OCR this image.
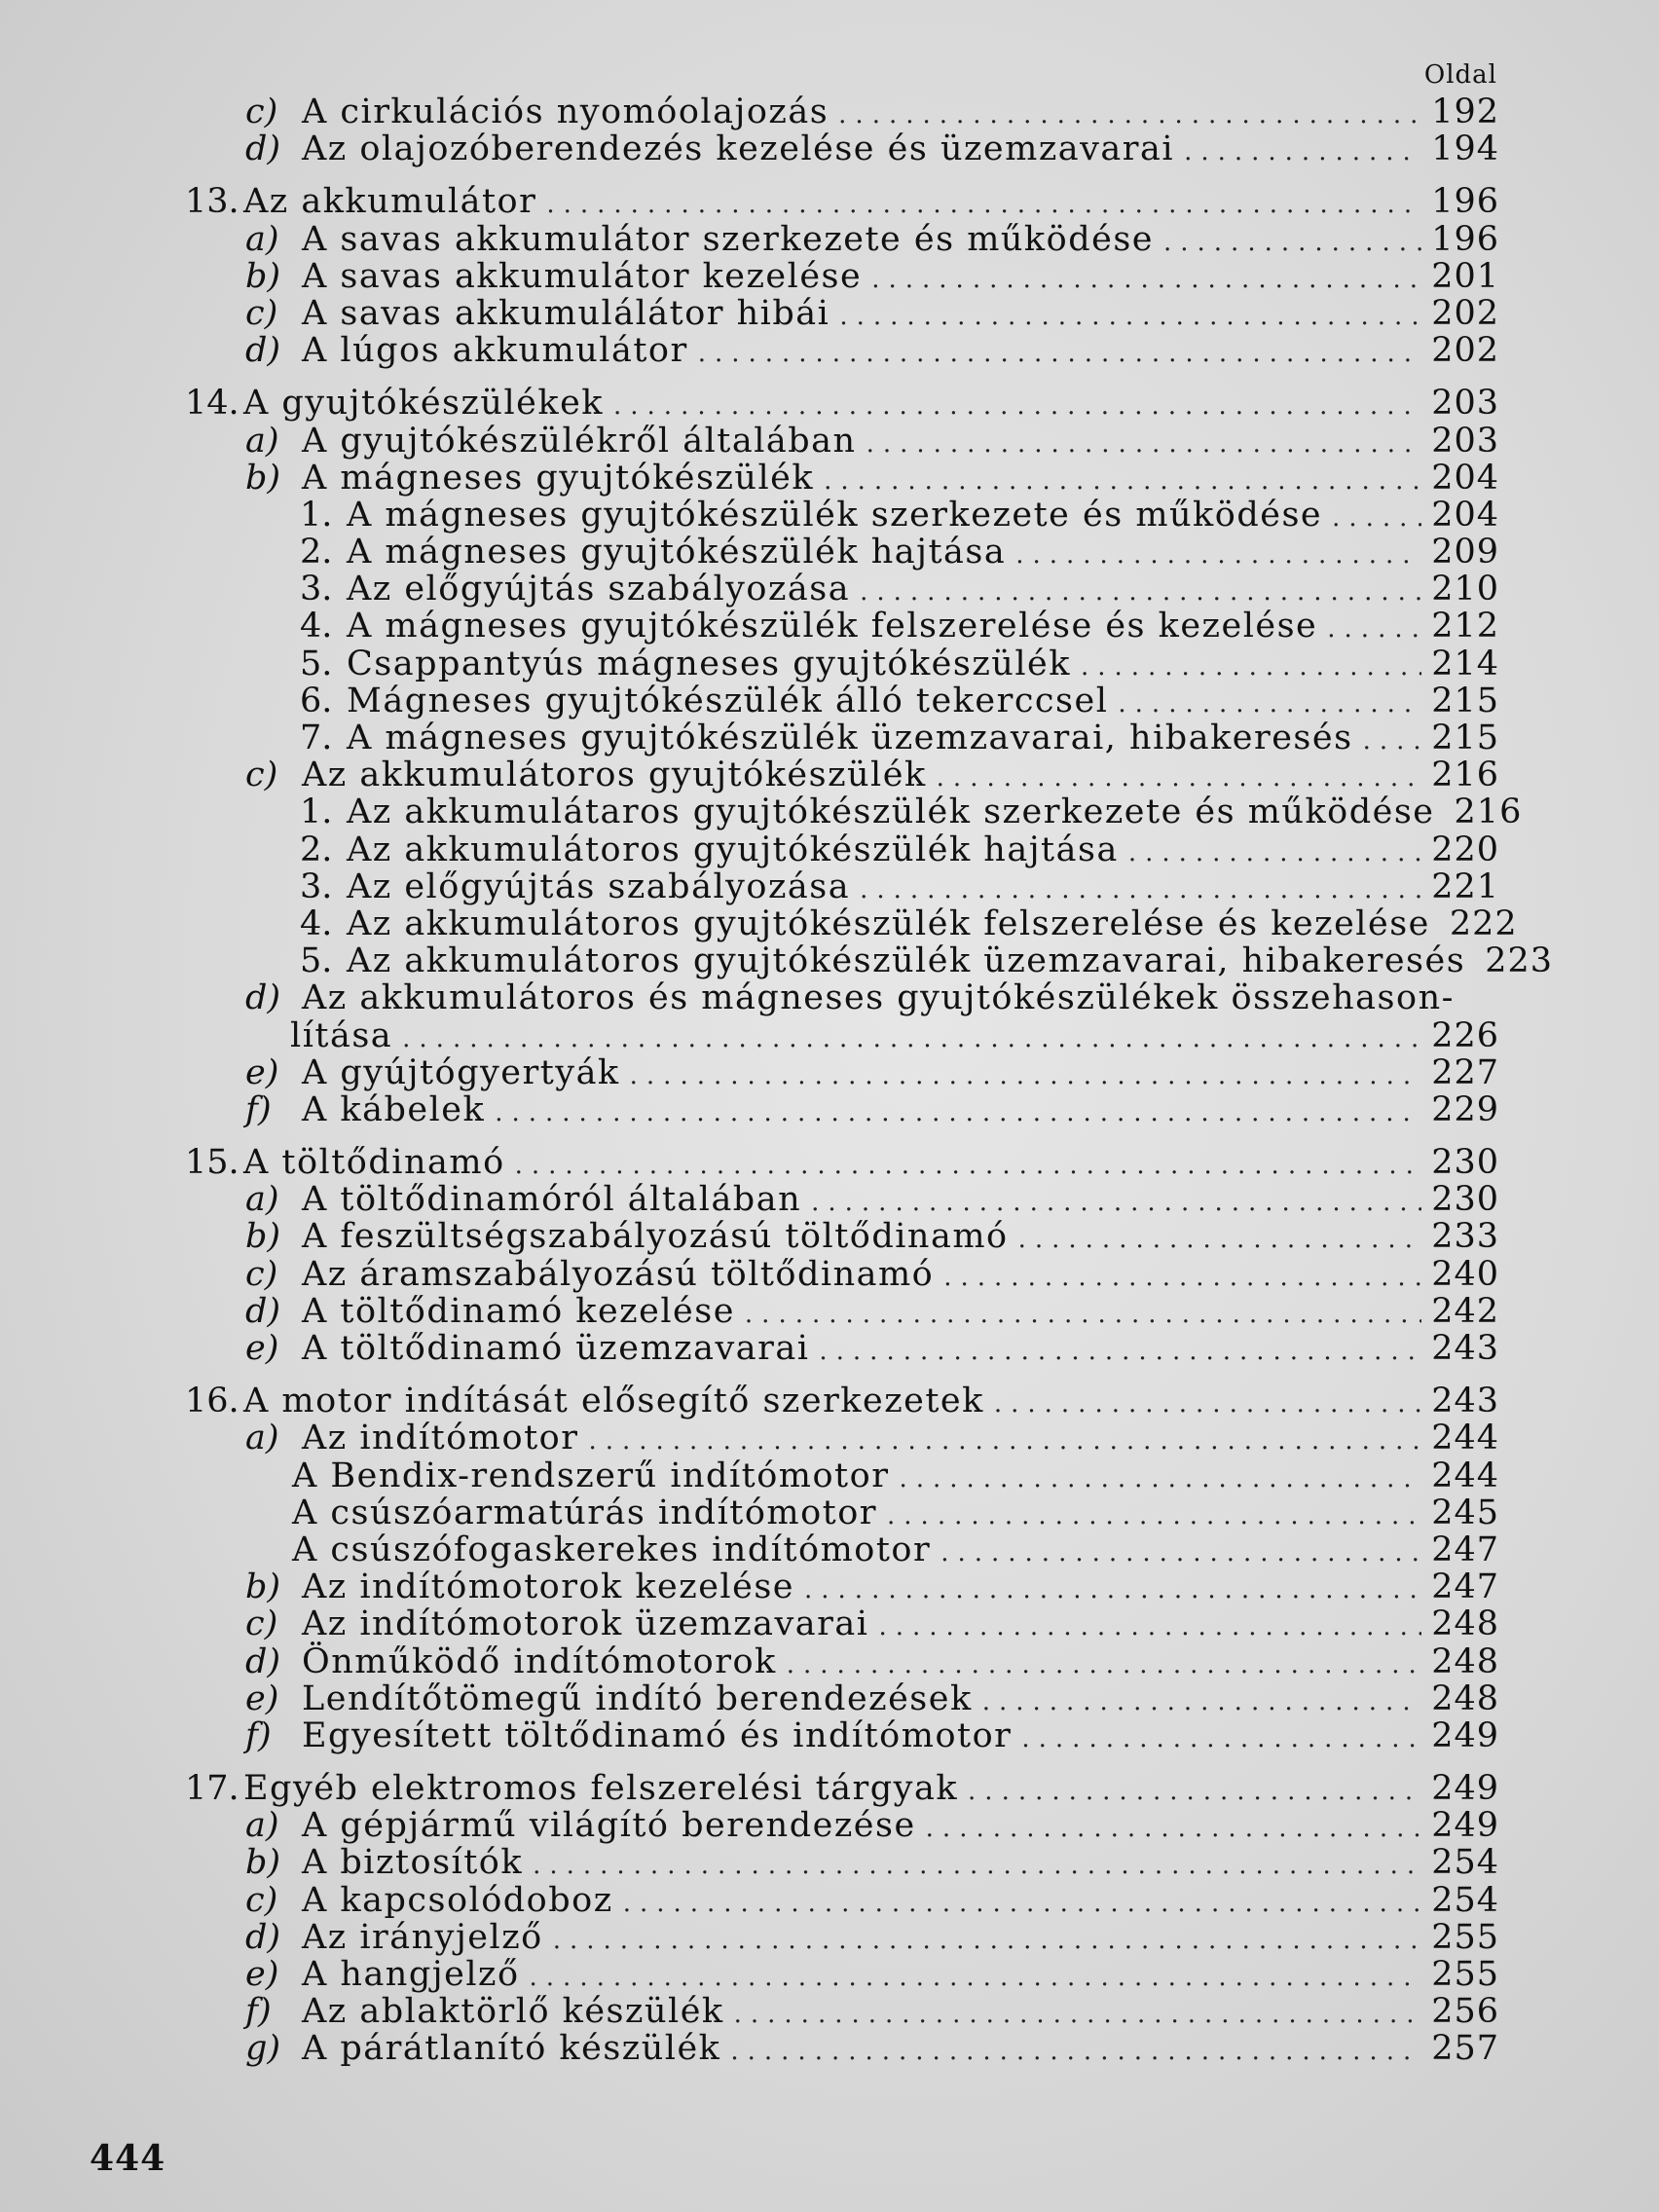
Oldal
c) A cirkulációs nyomóolajozás .....	192
d) Az olajozóberendezés kezelése és üzemzavarai .....	194
13. Az akkumulátor .....	196
a) A savas akkumulátor szerkezete és működése .....	196
b) A savas akkumulátor kezelése .....	201
c) A savas akkumulálátor hibái .....	202
d) A lúgos akkumulátor .....	202
14. A gyujtókészülékek .....	203
a) A gyujtókészülékről általában .....	203
b) A mágneses gyujtókészülék .....	204
1. A mágneses gyujtókészülék szerkezete és működése .....	204
2. A mágneses gyujtókészülék hajtása .....	209
3. Az előgyújtás szabályozása .....	210
4. A mágneses gyujtókészülék felszerelése és kezelése .....	212
5. Csappantyús mágneses gyujtókészülék .....	214
6. Mágneses gyujtókészülék álló tekerccsel .....	215
7. A mágneses gyujtókészülék üzemzavarai, hibakeresés ..... 215
c) Az akkumulátoros gyujtókészülék .....	216
1. Az akkumulátaros gyujtókészülék szerkezete és működése 216
2. Az akkumulátoros gyujtókészülék hajtása .....	220
3. Az előgyújtás szabályozása .....	221
4. Az akkumulátoros gyujtókészülék felszerelése és kezelése 222
5. Az akkumulátoros gyujtókészülék üzemzavarai, hibakeresés 223
d) Az akkumulátoros és mágneses gyujtókészülékek összehason-
lítása .....	226
e) A gyújtógyertyák .....	227
f) A kábelek .....	229
15. A töltődinamó .....	230
a) A töltődinamóról általában .....	230
b) A feszültségszabályozású töltődinamó .....	233
c) Az áramszabályozású töltődinamó .....	240
d) A töltődinamó kezelése .....	242
e) A töltődinamó üzemzavarai .....	243
16. A motor indítását elősegítő szerkezetek .....	243
a) Az indítómotor .....	244
A Bendix-rendszerű indítómotor .....	244
A csúszóarmatúrás indítómotor .....	245
A csúszófogaskerekes indítómotor .....	247
b) Az indítómotorok kezelése .....	247
c) Az indítómotorok üzemzavarai .....	248
d) Önműködő indítómotorok .....	248
e) Lendítőtömegű indító berendezések .....	248
f) Egyesített töltődinamó és indítómotor .....	249
17. Egyéb elektromos felszerelési tárgyak .....	249
a) A gépjármű világító berendezése .....	249
b) A biztosítók .....	254
c) A kapcsolódoboz .....	254
d) Az irányjelző .....	255
e) A hangjelző .....	255
f) Az ablaktörlő készülék .....	256
g) A párátlanító készülék .....	257
444
